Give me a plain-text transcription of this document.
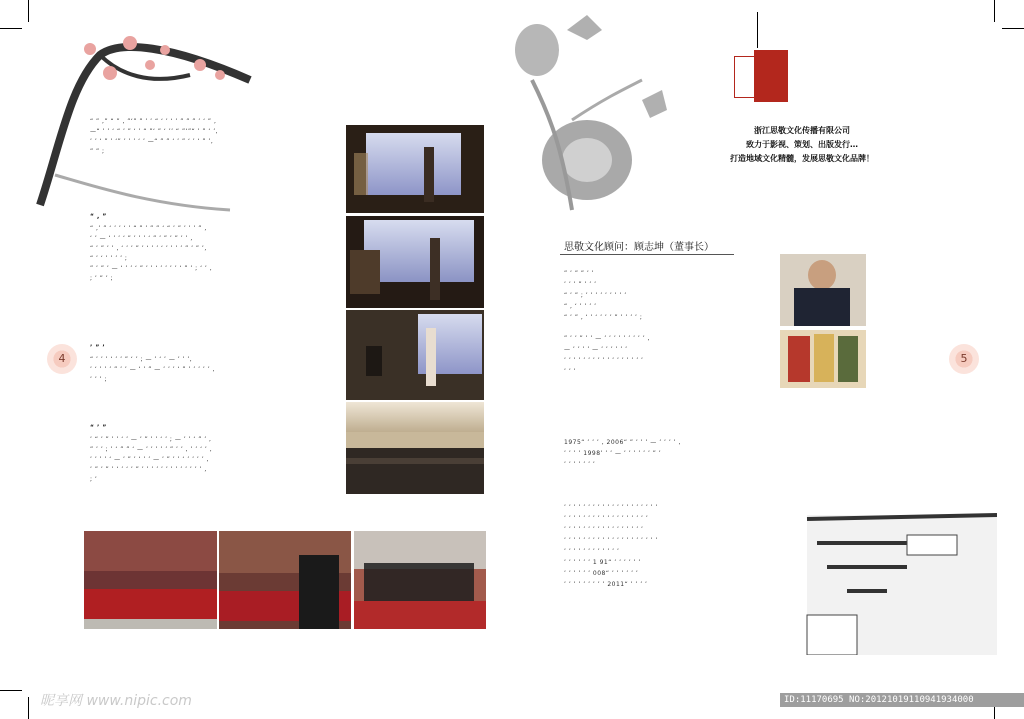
“ ” ,” “ ” , ”‘” ” ’ ’ “ ‘ ’ ‘ ’ ” ” ” ’ ‘ ” ,

—“ ’ ’ ‘ “ ’ ” ‘ ’ “ ”‘ ” ‘ ’’ “ ”‘”“ ’ ” ‘ ’,

’ ’ ‘ ” ’ ‘” ’ ’ ’ ‘ ’ —“ ” ” ‘ ’ ” ‘ ’ ‘ ” ’,

” ” ;

“ , ”

“ ,’ ” ‘ ’ ’ ‘ ’ “ ” ’ ” ” ‘ “ ’ ” ’ ’ ’ ” ,

‘ ’ — ‘ ’ ’ ‘ ” ’ ’ ’ ‘ ” ’ ” ’ ” ’ ’ ,

“ ’ ” ’ ’ , ‘ ’ ’ ” ’ ‘ ’ ’ ‘ ’ ’ ’ ’ ” ’ ” ’,

“ ’ ‘ ’ ’ ’ ’ ;

” ’ ” ’ — ‘ ’ ’ ‘ ” ’ ’ ‘ ’ ’ ’ ’ ‘ ” ’ ; ‘ ’ ,

; ’ ” ’ ;

’ ” ’

“ ’ ’ ’ ‘ ’ ’ ” ‘ ’ ; — ’ ‘ ’ — ’ ’ ’,

’ ‘ ’ ’ ’ ” ’ ’ — ‘ ’ ” — ’ ’ ’ ‘ ” ’ ’ ’ ’ ’ ,

’ ’ ’ ;

“ ’ ”

’ “ ’ ” ’ ’ ‘ ’ — ’ ” ’ ’ ‘ ’ ; — ’ ’ ‘ ” ’ ,

” ’ ’ ; ’ ‘ ” ” ‘ — ’ ’ ’ ’ ’ ” ’ ’ , ’ ’ ‘ ’ ,

’ ’ ’ ’ ‘ — ’ ” ’ ‘ ’ ’ — ’ ” ’ ’ ‘ ’ ’ ’ ’ ,

’ ” ’ ” ’ ‘ ’ ‘ ’ ” ’ ’ ’ ’ ’ ’ ’ ’ ’ ’ ’ ’ ’ ,

; ’

4
昵享网 www.nipic.com
浙江思敬文化传播有限公司
致力于影视、策划、出版发行…
打造地域文化精髓，发展思敬文化品牌！
思敬文化顾问：顾志坤（董事长）

” ’ ” ” ’ ’

’ ’ ’ ” ’ ’ ’

“ ’ ” ; ’ ’ ’ ’ ’ ’ ’ ’ ’

“ , ‘ ’ ’ ’ ’

“ ’ ” , ‘ ’ ‘ ’ ’ ’ ” ’ ’ ’ ’ ;

” ’ ’ ” ’ ’ — ’ ’ ’ ’ ’ ’ ’ ’ ’ ,

— ’ ’ ’ ’ — ’ ’ ’ ’ ’ ’

’ ’ ’ ’ ’ ’ ’ ’ ’ ’ ’ ’ ’ ’ ’ ’ ’

’ ’ ’

1975“ ’ ’ ’ , 2006“ ” ’ ’ ’ — ’ ’ ’ ’ ,

’ ’ ’ ’ 1998’ ’ ’ — ’ ’ ’ ’ ’ ’ ” ’

’ ’ ’ ’ ’ ’ ’

’ ’ ’ ’ ’ ’ ’ ’ ’ ’ ’ ’ ’ ’ ’ ’ ’ ’ ’ ’

’ ’ ’ ’ ’ ’ ’ ’ ’ ’ ’ ’ ’ ’ ’ ’ ’ ’

’ ’ ’ ’ ’ ’ ’ ’ ’ ’ ’ ’ ’ ’ ’ ’ ’

’ ’ ’ ’ ’ ’ ’ ’ ’ ’ ’ ’ ’ ’ ’ ’ ’ ’ ’ ’

’ ’ ’ ’ ’ ’ ’ ’ ’ ’ ’ ’

’ ’ ’ ’ ’ ’ 1 91“ ’ ’ ’ ’ ’ ’

’ ’ ’ ’ ’ ’ 008“ ’ ’ ’ ’ ’ ’

’ ’ ’ ’ ’ ’ ’ ’ ’ 2011“ ’ ’ ’ ’

5
ID:11170695 NO:20121019110941934000
